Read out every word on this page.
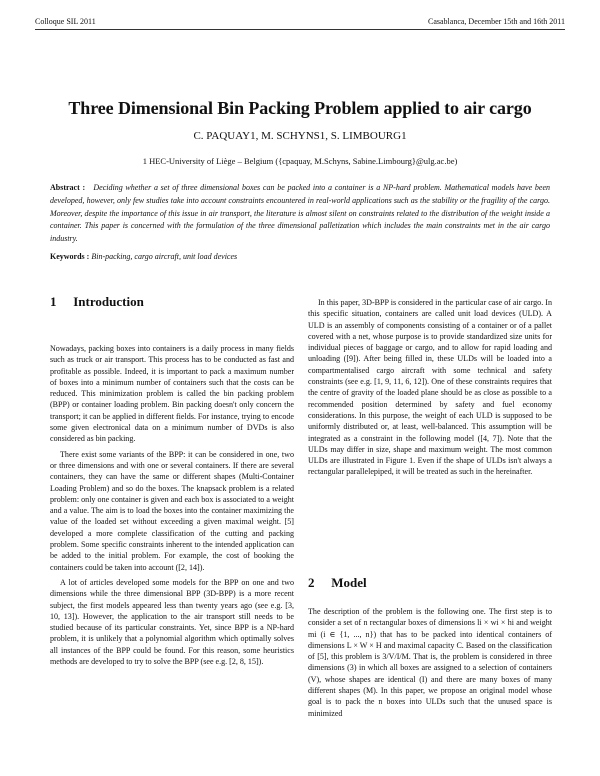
Colloque SIL 2011	Casablanca, December 15th and 16th 2011
Three Dimensional Bin Packing Problem applied to air cargo
C. PAQUAY1, M. SCHYNS1, S. LIMBOURG1
1 HEC-University of Liège – Belgium ({cpaquay, M.Schyns, Sabine.Limbourg}@ulg.ac.be)
Abstract : Deciding whether a set of three dimensional boxes can be packed into a container is a NP-hard problem. Mathematical models have been developed, however, only few studies take into account constraints encountered in real-world applications such as the stability or the fragility of the cargo. Moreover, despite the importance of this issue in air transport, the literature is almost silent on constraints related to the distribution of the weight inside a container. This paper is concerned with the formulation of the three dimensional palletization which includes the main constraints met in the air cargo industry.
Keywords : Bin-packing, cargo aircraft, unit load devices
1 Introduction

Nowadays, packing boxes into containers is a daily process in many fields such as truck or air transport. This process has to be conducted as fast and profitable as possible. Indeed, it is important to pack a maximum number of boxes into a minimum number of containers such that the costs can be reduced. This minimization problem is called the bin packing problem (BPP) or container loading problem. Bin packing doesn't only concern the transport; it can be applied in different fields. For instance, trying to encode some given electronical data on a minimum number of DVDs is also considered as bin packing.

There exist some variants of the BPP: it can be considered in one, two or three dimensions and with one or several containers. If there are several containers, they can have the same or different shapes (Multi-Container Loading Problem) and so do the boxes. The knapsack problem is a related problem: only one container is given and each box is associated to a weight and a value. The aim is to load the boxes into the container maximizing the value of the loaded set without exceeding a given maximal weight. [5] developed a more complete classification of the cutting and packing problem. Some specific constraints inherent to the intended application can be added to the initial problem. For example, the cost of booking the containers could be taken into account ([2, 14]).

A lot of articles developed some models for the BPP on one and two dimensions while the three dimensional BPP (3D-BPP) is a more recent subject, the first models appeared less than twenty years ago (see e.g. [3, 10, 13]). However, the application to the air transport still needs to be studied because of its particular constraints. Yet, since BPP is a NP-hard problem, it is unlikely that a polynomial algorithm which optimally solves all instances of the BPP could be found. For this reason, some heuristics methods are developed to try to solve the BPP (see e.g. [2, 8, 15]).

In this paper, 3D-BPP is considered in the particular case of air cargo. In this specific situation, containers are called unit load devices (ULD). A ULD is an assembly of components consisting of a container or of a pallet covered with a net, whose purpose is to provide standardized size units for individual pieces of baggage or cargo, and to allow for rapid loading and unloading ([9]). After being filled in, these ULDs will be loaded into a compartmentalised cargo aircraft with some technical and safety constraints (see e.g. [1, 9, 11, 6, 12]). One of these constraints requires that the centre of gravity of the loaded plane should be as close as possible to a recommended position determined by safety and fuel economy considerations. In this purpose, the weight of each ULD is supposed to be uniformly distributed or, at least, well-balanced. This assumption will be integrated as a constraint in the following model ([4, 7]). Note that the ULDs may differ in size, shape and maximum weight. The most common ULDs are illustrated in Figure 1. Even if the shape of ULDs isn't always a rectangular parallelepiped, it will be treated as such in the hereinafter.

2 Model

The description of the problem is the following one. The first step is to consider a set of n rectangular boxes of dimensions li × wi × hi and weight mi (i ∈ {1, ..., n}) that has to be packed into identical containers of dimensions L × W × H and maximal capacity C. Based on the classification of [5], this problem is 3/V/I/M. That is, the problem is considered in three dimensions (3) in which all boxes are assigned to a selection of containers (V), whose shapes are identical (I) and there are many boxes of many different shapes (M). In this paper, we propose an original model whose goal is to pack the n boxes into ULDs such that the unused space is minimized
